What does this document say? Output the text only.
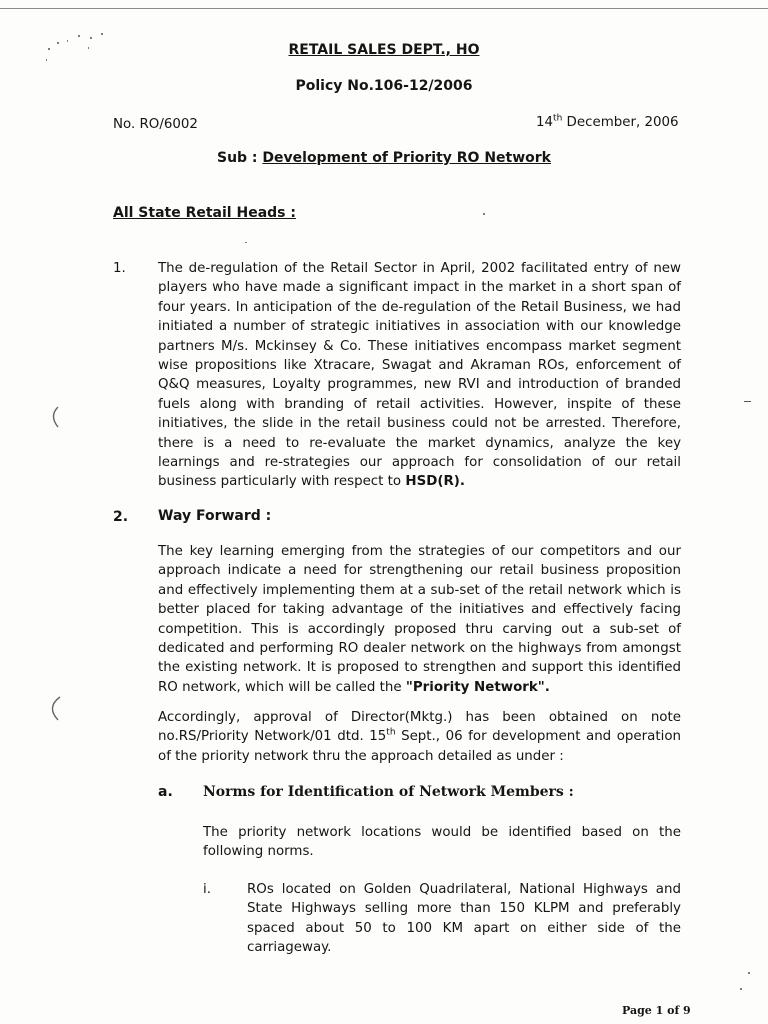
RETAIL SALES DEPT., HO
Policy No.106-12/2006
No. RO/6002	14th December, 2006
Sub : Development of Priority RO Network
All State Retail Heads :
1. The de-regulation of the Retail Sector in April, 2002 facilitated entry of new players who have made a significant impact in the market in a short span of four years. In anticipation of the de-regulation of the Retail Business, we had initiated a number of strategic initiatives in association with our knowledge partners M/s. Mckinsey & Co. These initiatives encompass market segment wise propositions like Xtracare, Swagat and Akraman ROs, enforcement of Q&Q measures, Loyalty programmes, new RVI and introduction of branded fuels along with branding of retail activities. However, inspite of these initiatives, the slide in the retail business could not be arrested. Therefore, there is a need to re-evaluate the market dynamics, analyze the key learnings and re-strategies our approach for consolidation of our retail business particularly with respect to HSD(R).
2. Way Forward :
The key learning emerging from the strategies of our competitors and our approach indicate a need for strengthening our retail business proposition and effectively implementing them at a sub-set of the retail network which is better placed for taking advantage of the initiatives and effectively facing competition. This is accordingly proposed thru carving out a sub-set of dedicated and performing RO dealer network on the highways from amongst the existing network. It is proposed to strengthen and support this identified RO network, which will be called the "Priority Network".
Accordingly, approval of Director(Mktg.) has been obtained on note no.RS/Priority Network/01 dtd. 15th Sept., 06 for development and operation of the priority network thru the approach detailed as under :
a. Norms for Identification of Network Members :
The priority network locations would be identified based on the following norms.
i.	ROs located on Golden Quadrilateral, National Highways and State Highways selling more than 150 KLPM and preferably spaced about 50 to 100 KM apart on either side of the carriageway.
Page 1 of 9
